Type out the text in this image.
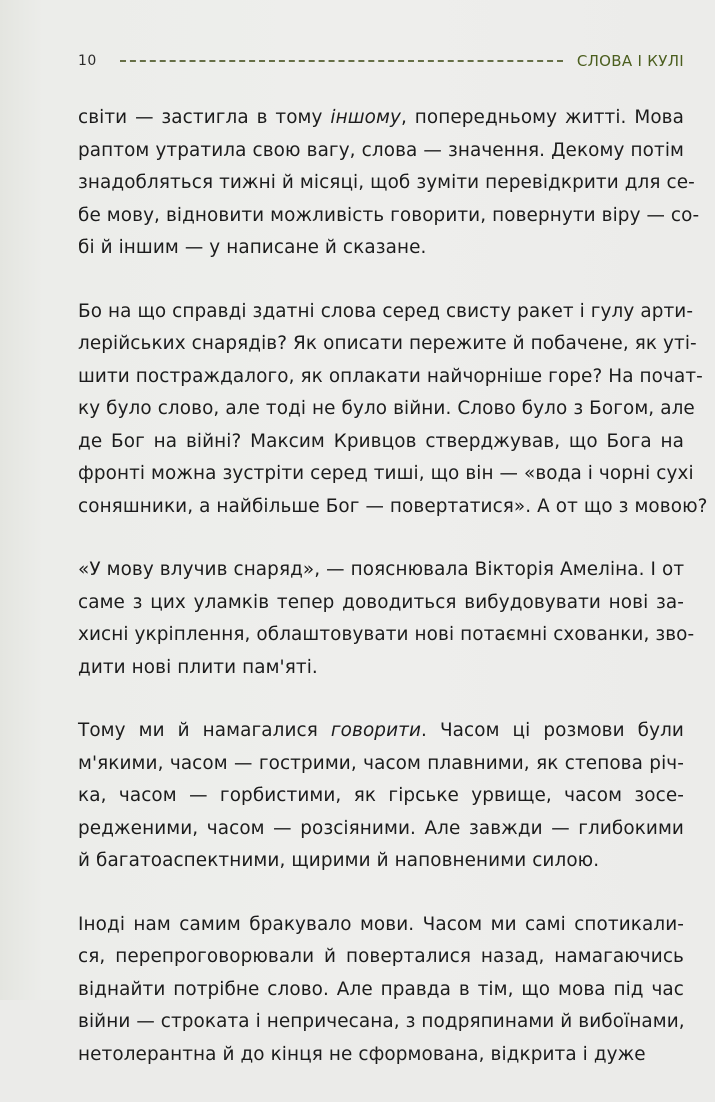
10	СЛОВА І КУЛІ
світи — застигла в тому іншому, попередньому житті. Мова
раптом утратила свою вагу, слова — значення. Декому потім
знадобляться тижні й місяці, щоб зуміти перевідкрити для се-
бе мову, відновити можливість говорити, повернути віру — со-
бі й іншим — у написане й сказане.
Бо на що справді здатні слова серед свисту ракет і гулу арти-
лерійських снарядів? Як описати пережите й побачене, як уті-
шити постраждалого, як оплакати найчорніше горе? На почат-
ку було слово, але тоді не було війни. Слово було з Богом, але
де Бог на війні? Максим Кривцов стверджував, що Бога на
фронті можна зустріти серед тиші, що він — «вода і чорні сухі
соняшники, а найбільше Бог — повертатися». А от що з мовою?
«У мову влучив снаряд», — пояснювала Вікторія Амеліна. І от
саме з цих уламків тепер доводиться вибудовувати нові за-
хисні укріплення, облаштовувати нові потаємні схованки, зво-
дити нові плити пам'яті.
Тому ми й намагалися говорити. Часом ці розмови були
м'якими, часом — гострими, часом плавними, як степова річ-
ка, часом — горбистими, як гірське урвище, часом зосе-
редженими, часом — розсіяними. Але завжди — глибокими
й багатоаспектними, щирими й наповненими силою.
Іноді нам самим бракувало мови. Часом ми самі спотикали-
ся, перепроговорювали й поверталися назад, намагаючись
віднайти потрібне слово. Але правда в тім, що мова під час
війни — строката і непричесана, з подряпинами й вибоїнами,
нетолерантна й до кінця не сформована, відкрита і дуже
